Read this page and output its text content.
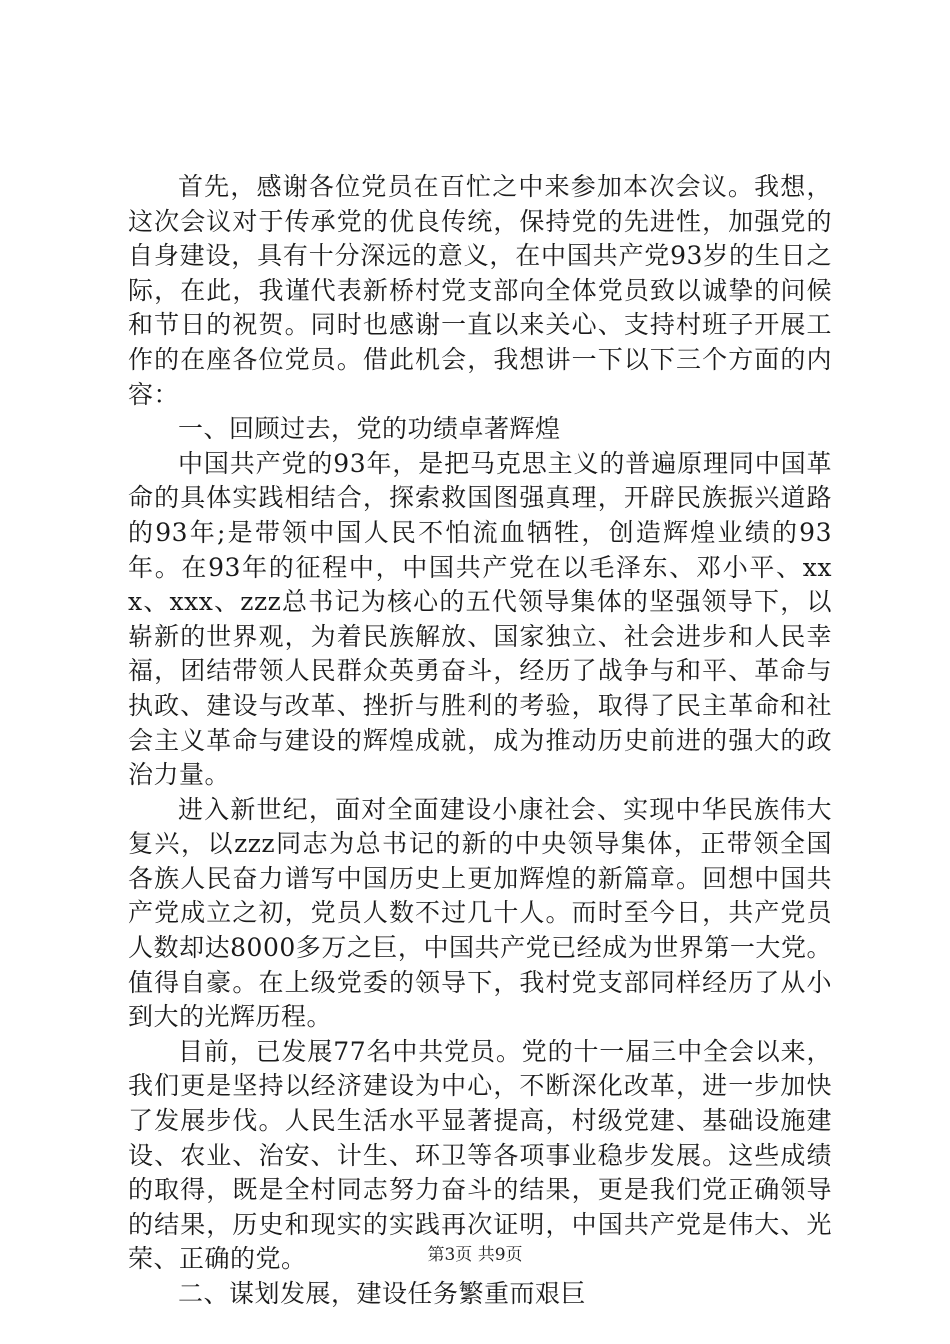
首先，感谢各位党员在百忙之中来参加本次会议。我想，这次会议对于传承党的优良传统，保持党的先进性，加强党的自身建设，具有十分深远的意义，在中国共产党93岁的生日之际，在此，我谨代表新桥村党支部向全体党员致以诚挚的问候和节日的祝贺。同时也感谢一直以来关心、支持村班子开展工作的在座各位党员。借此机会，我想讲一下以下三个方面的内容：

一、回顾过去，党的功绩卓著辉煌

中国共产党的93年，是把马克思主义的普遍原理同中国革命的具体实践相结合，探索救国图强真理，开辟民族振兴道路的93年;是带领中国人民不怕流血牺牲，创造辉煌业绩的93年。在93年的征程中，中国共产党在以毛泽东、邓小平、xxx、xxx、zzz总书记为核心的五代领导集体的坚强领导下，以崭新的世界观，为着民族解放、国家独立、社会进步和人民幸福，团结带领人民群众英勇奋斗，经历了战争与和平、革命与执政、建设与改革、挫折与胜利的考验，取得了民主革命和社会主义革命与建设的辉煌成就，成为推动历史前进的强大的政治力量。

进入新世纪，面对全面建设小康社会、实现中华民族伟大复兴，以zzz同志为总书记的新的中央领导集体，正带领全国各族人民奋力谱写中国历史上更加辉煌的新篇章。回想中国共产党成立之初，党员人数不过几十人。而时至今日，共产党员人数却达8000多万之巨，中国共产党已经成为世界第一大党。值得自豪。在上级党委的领导下，我村党支部同样经历了从小到大的光辉历程。

目前，已发展77名中共党员。党的十一届三中全会以来，我们更是坚持以经济建设为中心，不断深化改革，进一步加快了发展步伐。人民生活水平显著提高，村级党建、基础设施建设、农业、治安、计生、环卫等各项事业稳步发展。这些成绩的取得，既是全村同志努力奋斗的结果，更是我们党正确领导的结果，历史和现实的实践再次证明，中国共产党是伟大、光荣、正确的党。

二、谋划发展，建设任务繁重而艰巨

第3页 共9页
